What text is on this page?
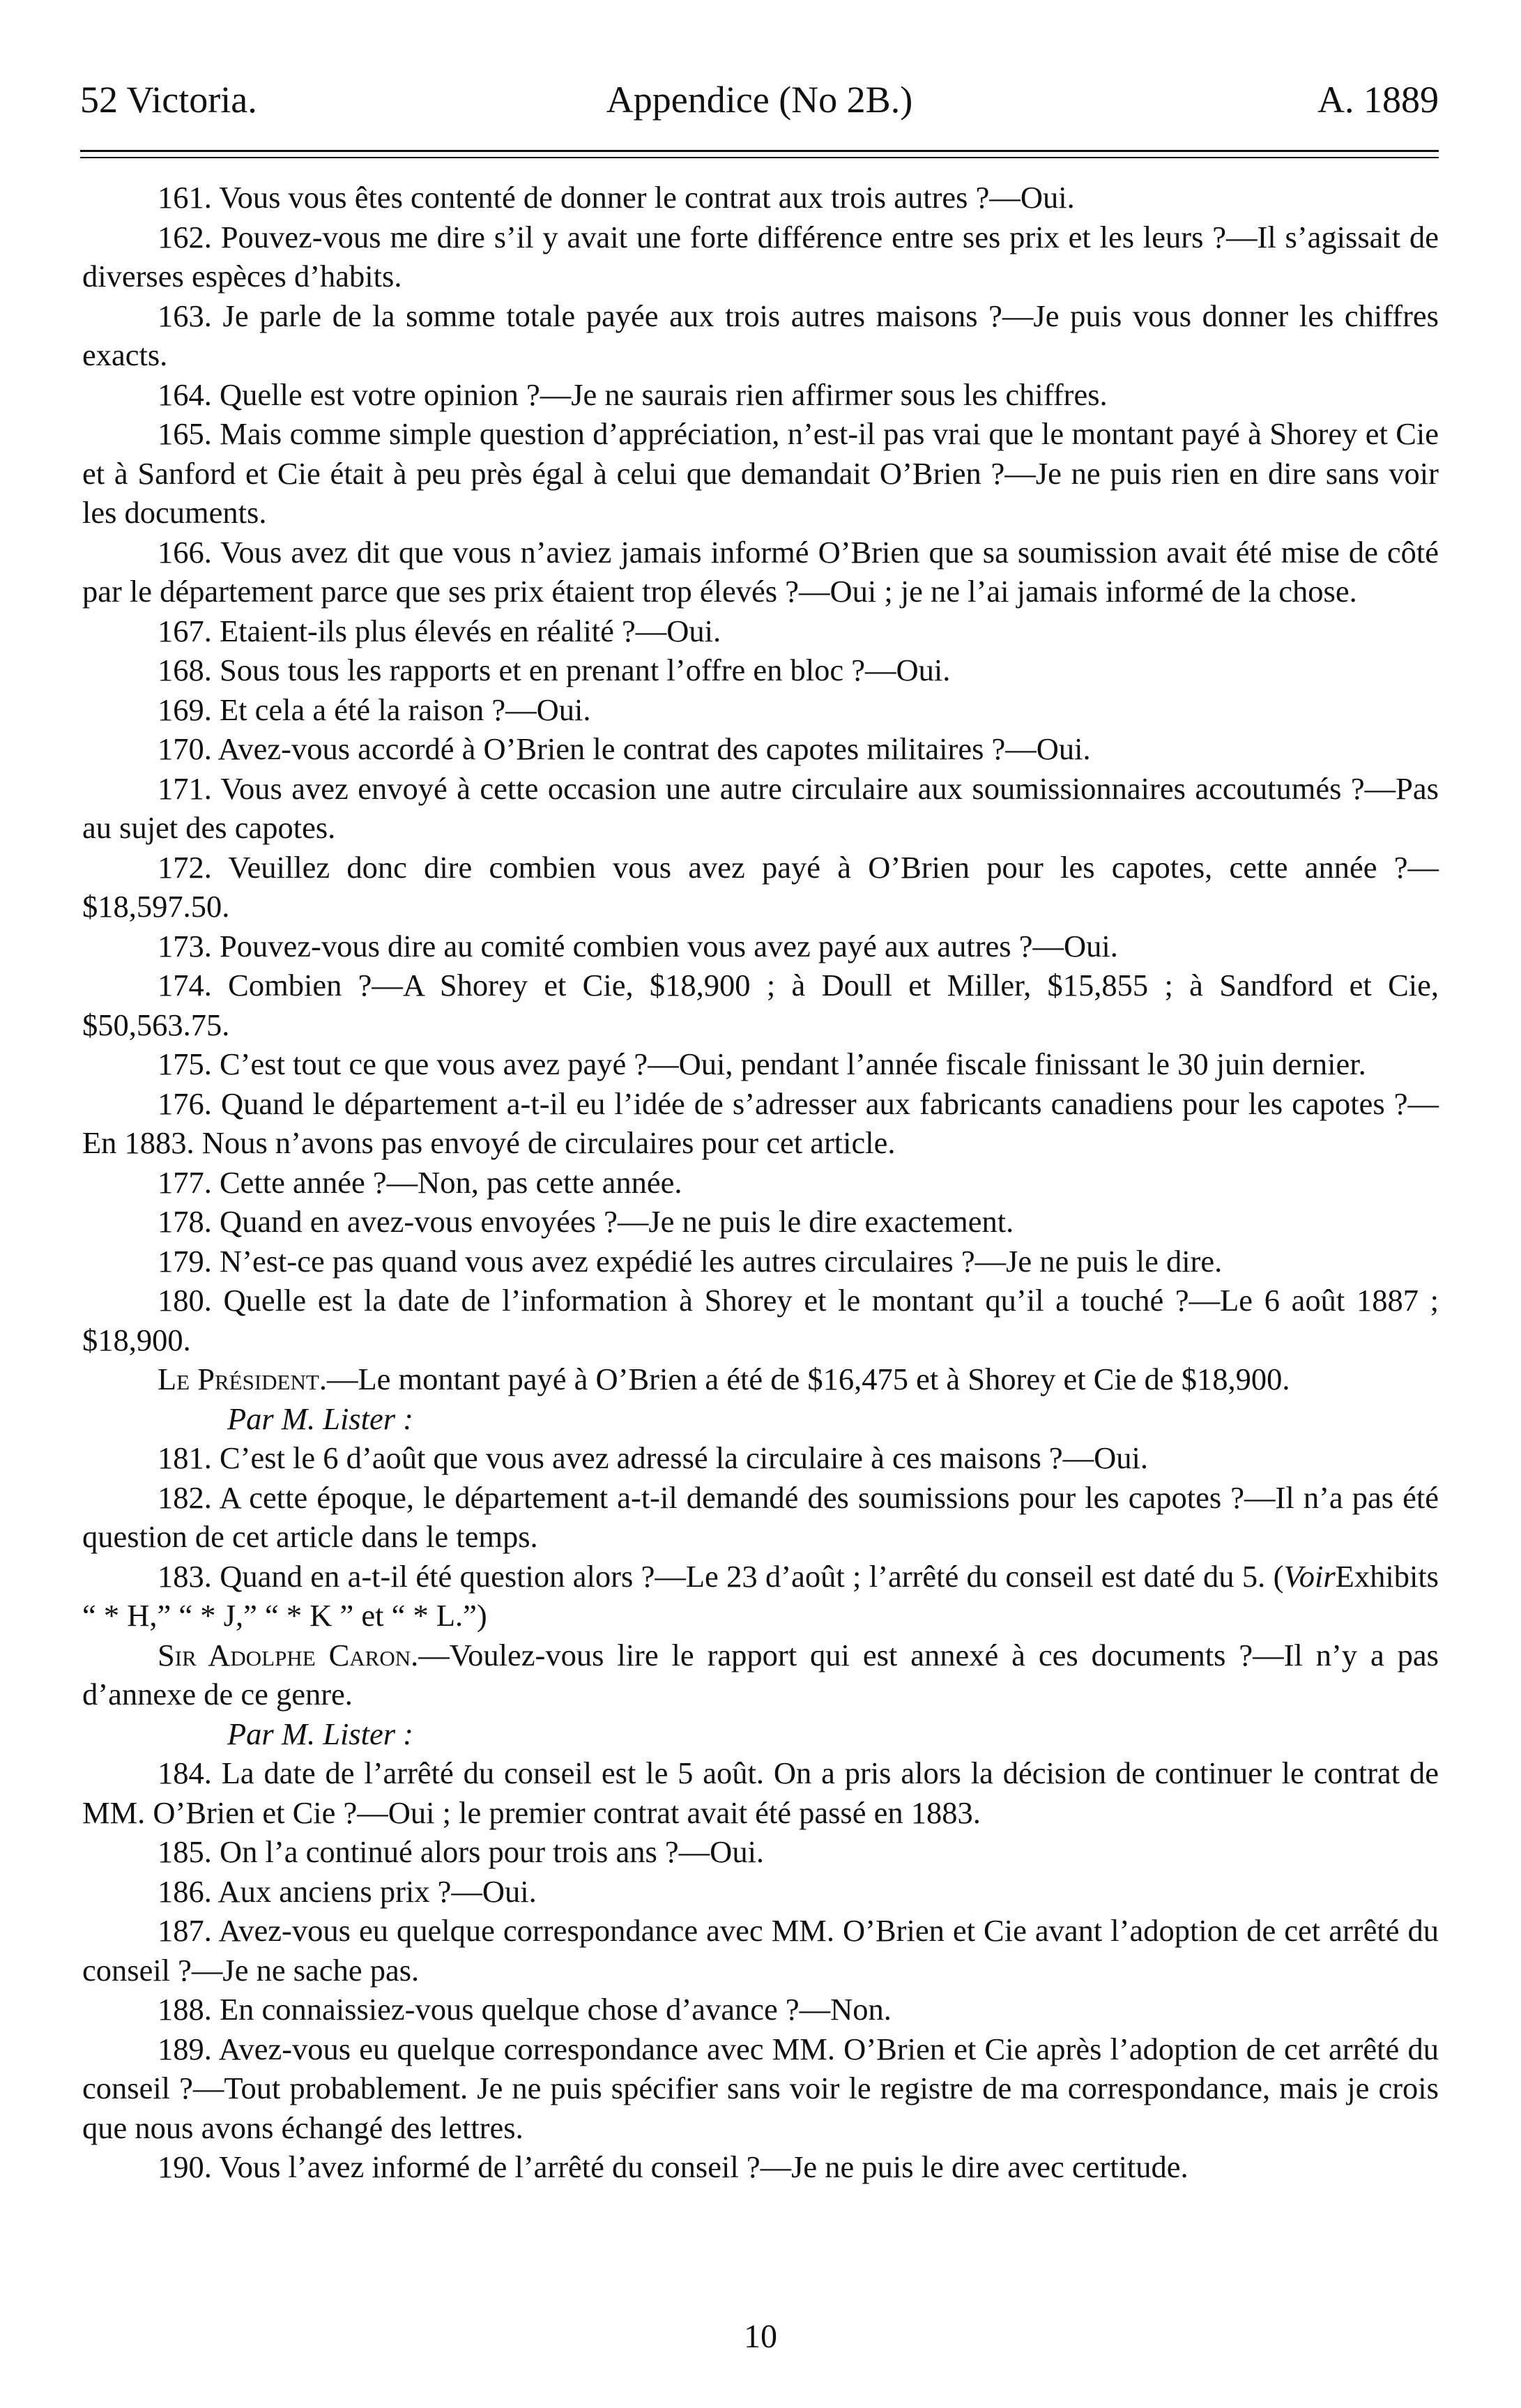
52 Victoria.	Appendice (No 2B.)	A. 1889

161. Vous vous êtes contenté de donner le contrat aux trois autres ?—Oui.

162. Pouvez-vous me dire s’il y avait une forte différence entre ses prix et les leurs ?—Il s’agissait de diverses espèces d’habits.

163. Je parle de la somme totale payée aux trois autres maisons ?—Je puis vous donner les chiffres exacts.

164. Quelle est votre opinion ?—Je ne saurais rien affirmer sous les chiffres.

165. Mais comme simple question d’appréciation, n’est-il pas vrai que le montant payé à Shorey et Cie et à Sanford et Cie était à peu près égal à celui que demandait O’Brien ?—Je ne puis rien en dire sans voir les documents.

166. Vous avez dit que vous n’aviez jamais informé O’Brien que sa soumission avait été mise de côté par le département parce que ses prix étaient trop élevés ?—Oui ; je ne l’ai jamais informé de la chose.

167. Etaient-ils plus élevés en réalité ?—Oui.

168. Sous tous les rapports et en prenant l’offre en bloc ?—Oui.

169. Et cela a été la raison ?—Oui.

170. Avez-vous accordé à O’Brien le contrat des capotes militaires ?—Oui.

171. Vous avez envoyé à cette occasion une autre circulaire aux soumissionnaires accoutumés ?—Pas au sujet des capotes.

172. Veuillez donc dire combien vous avez payé à O’Brien pour les capotes, cette année ?—$18,597.50.

173. Pouvez-vous dire au comité combien vous avez payé aux autres ?—Oui.

174. Combien ?—A Shorey et Cie, $18,900 ; à Doull et Miller, $15,855 ; à Sandford et Cie, $50,563.75.

175. C’est tout ce que vous avez payé ?—Oui, pendant l’année fiscale finissant le 30 juin dernier.

176. Quand le département a-t-il eu l’idée de s’adresser aux fabricants canadiens pour les capotes ?—En 1883. Nous n’avons pas envoyé de circulaires pour cet article.

177. Cette année ?—Non, pas cette année.

178. Quand en avez-vous envoyées ?—Je ne puis le dire exactement.

179. N’est-ce pas quand vous avez expédié les autres circulaires ?—Je ne puis le dire.

180. Quelle est la date de l’information à Shorey et le montant qu’il a touché ?—Le 6 août 1887 ; $18,900.

Le Président.—Le montant payé à O’Brien a été de $16,475 et à Shorey et Cie de $18,900.

Par M. Lister :

181. C’est le 6 d’août que vous avez adressé la circulaire à ces maisons ?—Oui.

182. A cette époque, le département a-t-il demandé des soumissions pour les capotes ?—Il n’a pas été question de cet article dans le temps.

183. Quand en a-t-il été question alors ?—Le 23 d’août ; l’arrêté du conseil est daté du 5. (VoirExhibits “ * H,” “ * J,” “ * K ” et “ * L.”)

Sir Adolphe Caron.—Voulez-vous lire le rapport qui est annexé à ces documents ?—Il n’y a pas d’annexe de ce genre.

Par M. Lister :

184. La date de l’arrêté du conseil est le 5 août. On a pris alors la décision de continuer le contrat de MM. O’Brien et Cie ?—Oui ; le premier contrat avait été passé en 1883.

185. On l’a continué alors pour trois ans ?—Oui.

186. Aux anciens prix ?—Oui.

187. Avez-vous eu quelque correspondance avec MM. O’Brien et Cie avant l’adoption de cet arrêté du conseil ?—Je ne sache pas.

188. En connaissiez-vous quelque chose d’avance ?—Non.

189. Avez-vous eu quelque correspondance avec MM. O’Brien et Cie après l’adoption de cet arrêté du conseil ?—Tout probablement. Je ne puis spécifier sans voir le registre de ma correspondance, mais je crois que nous avons échangé des lettres.

190. Vous l’avez informé de l’arrêté du conseil ?—Je ne puis le dire avec certitude.

10
